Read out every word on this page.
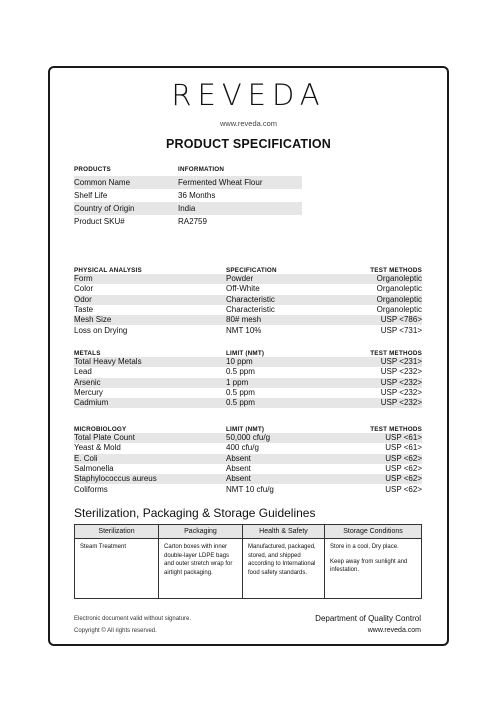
REVEDA
www.reveda.com
PRODUCT SPECIFICATION
PRODUCTS	INFORMATION
Common Name	Fermented Wheat Flour
Shelf Life	36 Months
Country of Origin	India
Product SKU#	RA2759
PHYSICAL ANALYSIS	SPECIFICATION	TEST METHODS
Form	Powder	Organoleptic
Color	Off-White	Organoleptic
Odor	Characteristic	Organoleptic
Taste	Characteristic	Organoleptic
Mesh Size	80# mesh	USP <786>
Loss on Drying	NMT 10%	USP <731>
METALS	LIMIT (NMT)	TEST METHODS
Total Heavy Metals	10 ppm	USP <231>
Lead	0.5 ppm	USP <232>
Arsenic	1 ppm	USP <232>
Mercury	0.5 ppm	USP <232>
Cadmium	0.5 ppm	USP <232>
MICROBIOLOGY	LIMIT (NMT)	TEST METHODS
Total Plate Count	50,000 cfu/g	USP <61>
Yeast & Mold	400 cfu/g	USP <61>
E. Coli	Absent	USP <62>
Salmonella	Absent	USP <62>
Staphylococcus aureus	Absent	USP <62>
Coliforms	NMT 10 cfu/g	USP <62>
Sterilization, Packaging & Storage Guidelines
Sterilization	Packaging	Health & Safety	Storage Conditions

Steam Treatment	Carton boxes with inner double-layer LDPE bags and outer stretch wrap for airtight packaging.	Manufactured, packaged, stored, and shipped according to International food safety standards.	Store in a cool, Dry place.

Keep away from sunlight and infestation.

Electronic document valid without signature.
Copyright © All rights reserved.
Department of Quality Control
www.reveda.com
